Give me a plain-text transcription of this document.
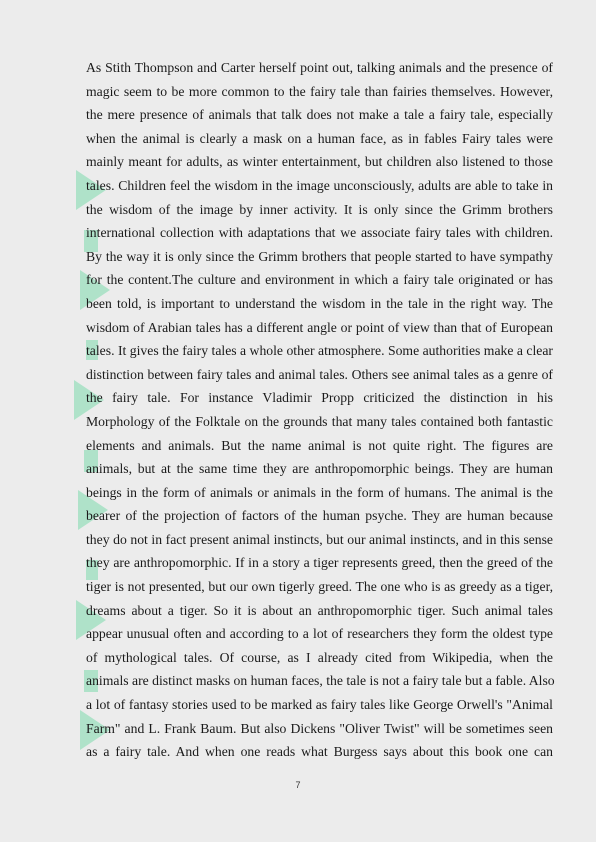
As Stith Thompson and Carter herself point out, talking animals and the presence of
magic seem to be more common to the fairy tale than fairies themselves. However,
the mere presence of animals that talk does not make a tale a fairy tale, especially
when the animal is clearly a mask on a human face, as in fables Fairy tales were
mainly meant for adults, as winter entertainment, but children also listened to those
tales. Children feel the wisdom in the image unconsciously, adults are able to take in
the wisdom of the image by inner activity. It is only since the Grimm brothers
international collection with adaptations that we associate fairy tales with children.
By the way it is only since the Grimm brothers that people started to have sympathy
for the content.The culture and environment in which a fairy tale originated or has
been told, is important to understand the wisdom in the tale in the right way. The
wisdom of Arabian tales has a different angle or point of view than that of European
tales. It gives the fairy tales a whole other atmosphere. Some authorities make a clear
distinction between fairy tales and animal tales. Others see animal tales as a genre of
the fairy tale. For instance Vladimir Propp criticized the distinction in his
Morphology of the Folktale on the grounds that many tales contained both fantastic
elements and animals. But the name animal is not quite right. The figures are
animals, but at the same time they are anthropomorphic beings. They are human
beings in the form of animals or animals in the form of humans. The animal is the
bearer of the projection of factors of the human psyche. They are human because
they do not in fact present animal instincts, but our animal instincts, and in this sense
they are anthropomorphic. If in a story a tiger represents greed, then the greed of the
tiger is not presented, but our own tigerly greed. The one who is as greedy as a tiger,
dreams about a tiger. So it is about an anthropomorphic tiger. Such animal tales
appear unusual often and according to a lot of researchers they form the oldest type
of mythological tales. Of course, as I already cited from Wikipedia, when the
animals are distinct masks on human faces, the tale is not a fairy tale but a fable. Also
a lot of fantasy stories used to be marked as fairy tales like George Orwell's "Animal
Farm" and L. Frank Baum. But also Dickens "Oliver Twist" will be sometimes seen
as a fairy tale. And when one reads what Burgess says about this book one can
7
